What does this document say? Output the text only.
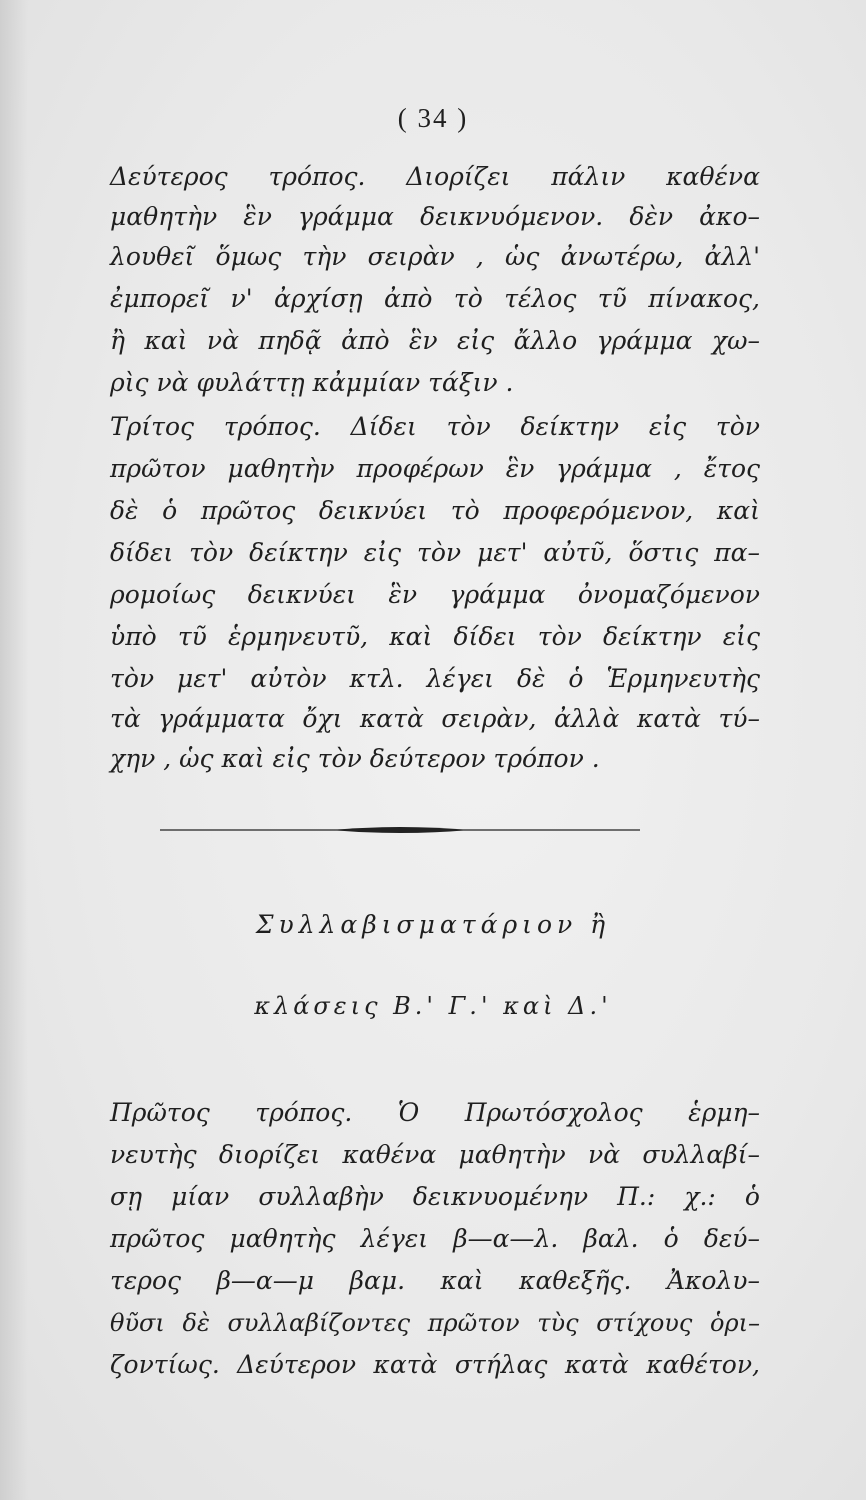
( 34 )
Δεύτερος τρόπος. Διορίζει πάλιν καθένα
μαθητὴν ἓν γράμμα δεικνυόμενον. δὲν ἀκο–
λουθεῖ ὅμως τὴν σειρὰν , ὡς ἀνωτέρω, ἀλλ'
ἐμπορεῖ ν' ἀρχίσῃ ἀπὸ τὸ τέλος τῦ πίνακος,
ἢ καὶ νὰ πηδᾷ ἀπὸ ἓν εἰς ἄλλο γράμμα χω–
ρὶς νὰ φυλάττῃ κἀμμίαν τάξιν .
Τρίτος τρόπος. Δίδει τὸν δείκτην εἰς τὸν
πρῶτον μαθητὴν προφέρων ἓν γράμμα , ἔτος
δὲ ὁ πρῶτος δεικνύει τὸ προφερόμενον, καὶ
δίδει τὸν δείκτην εἰς τὸν μετ' αὐτῦ, ὅστις πα–
ρομοίως δεικνύει ἓν γράμμα ὀνομαζόμενον
ὑπὸ τῦ ἑρμηνευτῦ, καὶ δίδει τὸν δείκτην εἰς
τὸν μετ' αὐτὸν κτλ. λέγει δὲ ὁ Ἑρμηνευτὴς
τὰ γράμματα ὄχι κατὰ σειρὰν, ἀλλὰ κατὰ τύ–
χην , ὡς καὶ εἰς τὸν δεύτερον τρόπον .
Συλλαβισματάριον ἢ
κλάσεις Β.' Γ.' καὶ Δ.'
Πρῶτος τρόπος. Ὁ Πρωτόσχολος ἑρμη–
νευτὴς διορίζει καθένα μαθητὴν νὰ συλλαβί–
σῃ μίαν συλλαβὴν δεικνυομένην Π.: χ.: ὁ
πρῶτος μαθητὴς λέγει β—α—λ. βαλ. ὁ δεύ–
τερος β—α—μ βαμ. καὶ καθεξῆς. Ἀκολυ–
θῦσι δὲ συλλαβίζοντες πρῶτον τὺς στίχους ὁρι–
ζοντίως. Δεύτερον κατὰ στήλας κατὰ καθέτον,
